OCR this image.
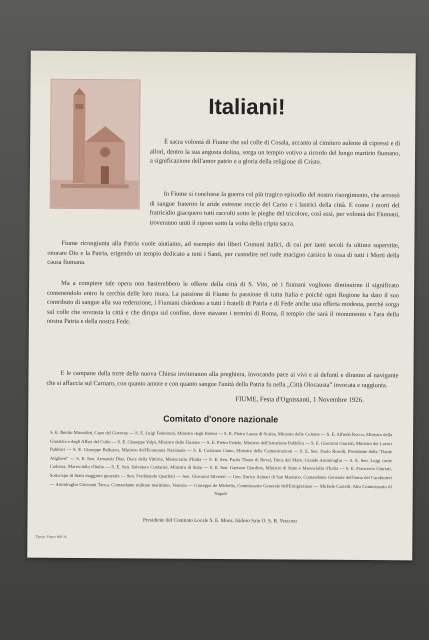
Italiani!
È sacra volontà di Fiume che sul colle di Cosala, accanto al cimitero aulente di cipressi e di allori, dentro la sua angusta dolina, sorga un tempio votivo a ricordo del lungo martirio fiumano, a significazione dell'amor patrio e a gloria della religione di Cristo.
In Fiume si conclusse la guerra col più tragico episodio del nostro risorgimento, che arrossò di sangue fraterno le aride estreme roccie del Carso e i lastrici della città. E come i morti del fratricidio giacquero tutti raccolti sotto le pieghe del tricolore, così essi, per volontà dei Fiumani, troveranno uniti il riposo sotto la volta della cripta sacra.
Fiume ricongiunta alla Patria vuole aiutiamo, ad esempio dei liberi Comuni italici, di cui per tanti secoli fu ultimo superstite, onorare Dio e la Patria, erigendo un tempio dedicato a tutti i Santi, per custodire nel rude macigno carsico le ossa di tutti i Morti della causa fiumana.
Ma a compiere tale opera non basterebbero le offerte della città di S. Vito, nè i fiumani vogliono diminuirne il significato contenendolo entro la cerchia delle loro mura. La passione di Fiume fu passione di tutta Italia e poichè ogni Regione ha dato il suo contributo di sangue alla sua redenzione, i Fiumani chiedono a tutti i fratelli di Patria e di Fede anche una offerta modesta, perchè sorga sul colle che sovrasta la città e che dirupa sul confine, dove stavano i termini di Roma, il tempio che sarà il monumento e l'ara della nostra Patria e della nostra Fede.
E le campane dalla torre della nuova Chiesa inviteranno alla preghiera, invocando pace ai vivi e ai defunti e diranno al navigante che si affaccia sul Carnaro, con quanto amore e con quanto sangue l'unità della Patria fu nella „Città Olocausta” invocata e raggiunta.
FIUME, Festa d'Ognissanti, 1 Novembre 1926.
Comitato d'onore nazionale
S. E. Benito Mussolini, Capo del Governo — S. E. Luigi Federzoni, Ministro degli Interni — S. E. Pietro Lanza di Scalea, Ministro delle Colonie — S. E. Alfredo Rocco, Ministro della Giustizia e degli Affari del Culto — S. E. Giuseppe Volpi, Ministro delle Finanze — S. E. Pietro Fedele, Ministro dell'Istruzione Pubblica — S. E. Giovanni Giuriati, Ministro dei Lavori Pubblici — S. E. Giuseppe Belluzzo, Ministro dell'Economia Nazionale — S. E. Costanzo Ciano, Ministro delle Comunicazioni — S. E. Sen. Paolo Boselli, Presidente della "Dante Alighieri" — S. E. Sen. Armando Diaz, Duca della Vittoria, Maresciallo d'Italia — S. E. Sen. Paolo Thaon di Revel, Duca del Mare, Grande Ammiraglio — S. E. Sen. Luigi conte Cadorna, Maresciallo d'Italia — S. E. Sen. Salvatore Contarini, Ministro di Stato — S. E. Sen. Gaetano Giardino, Ministro di Stato e Maresciallo d'Italia — S. E. Francesco Giuriati, Sottocapo di Stato maggiore generale — Sen. Ferdinando Quartieri — Sen. Giovanni Silvestri — Gen. Enrico Asinari di San Marzano, Comandante Generale dell'arma dei Carabinieri — Ammiraglio Giovanni Tanca, Comandante militare marittimo, Venezia — Giuseppe de Michelis, Commissario Generale dell'Emigrazione — Michele Castelli, Alto Commissario di Napoli
Presidente del Comitato Locale S. E. Mons. Isidoro Sain O. S. B. Vescovo
Tipogr. Fiume 808·26
